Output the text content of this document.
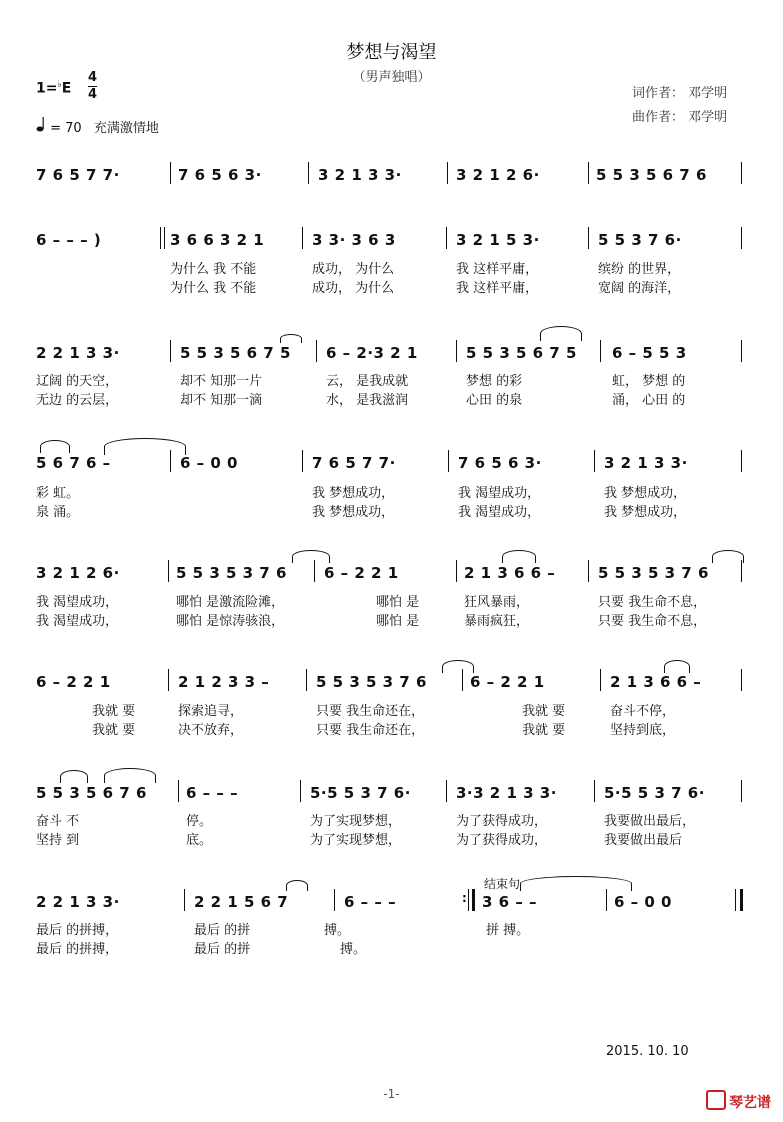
梦想与渴望
（男声独唱）
1=♭E
4
4
= 70 充满激情地
词作者： 邓学明
曲作者： 邓学明
7 6 5 7 7·	7 6 5 6 3·	3 2 1 3 3·	3 2 1 2 6·	5 5 3 5 6 7 6
6 – – – )	3 6 6 3 2 1	3 3· 3 6 3	3 2 1 5 3·	5 5 3 7 6·
为什么 我 不能	成功， 为什么	我 这样平庸，	缤纷 的世界，
为什么 我 不能	成功， 为什么	我 这样平庸，	宽阔 的海洋，
2 2 1 3 3·	5 5 3 5 6 7 5 6 – 2·3 2 1	5 5 3 5 6 7 5 6 – 5 5 3
辽阔 的天空，	却不 知那一片	云， 是我成就	梦想 的彩	虹， 梦想 的
无边 的云层，	却不 知那一滴	水， 是我滋润	心田 的泉	涌， 心田 的
5 6 7 6 –	6 – 0 0	7 6 5 7 7·	7 6 5 6 3·	3 2 1 3 3·
彩 虹。	我 梦想成功，	我 渴望成功，	我 梦想成功，
泉 涌。	我 梦想成功，	我 渴望成功，	我 梦想成功，
3 2 1 2 6·	5 5 3 5 3 7 6 6 – 2 2 1	2 1 3 6 6 –	5 5 3 5 3 7 6
我 渴望成功，	哪怕 是激流险滩，	哪怕 是	狂风暴雨，	只要 我生命不息，
我 渴望成功，	哪怕 是惊涛骇浪，	哪怕 是	暴雨疯狂，	只要 我生命不息，
6 – 2 2 1	2 1 2 3 3 –	5 5 3 5 3 7 6	6 – 2 2 1	2 1 3 6 6 –
我就 要	探索追寻，	只要 我生命还在，	我就 要	奋斗不停，
我就 要	决不放弃，	只要 我生命还在，	我就 要	坚持到底，
5 5 3 5 6 7 6	6 – – –	5·5 5 3 7 6·	3·3 2 1 3 3·	5·5 5 3 7 6·
奋斗 不	停。	为了实现梦想，	为了获得成功，	我要做出最后，
坚持 到	底。	为了实现梦想，	为了获得成功，	我要做出最后
结束句
2 2 1 3 3·	2 2 1 5 6 7	6 – – –	: 3 6 – –	6 – 0 0
最后 的拼搏，	最后 的拼	搏。	拼 搏。
最后 的拼搏，	最后 的拼	搏。
2015. 10. 10
-1-
琴艺谱
